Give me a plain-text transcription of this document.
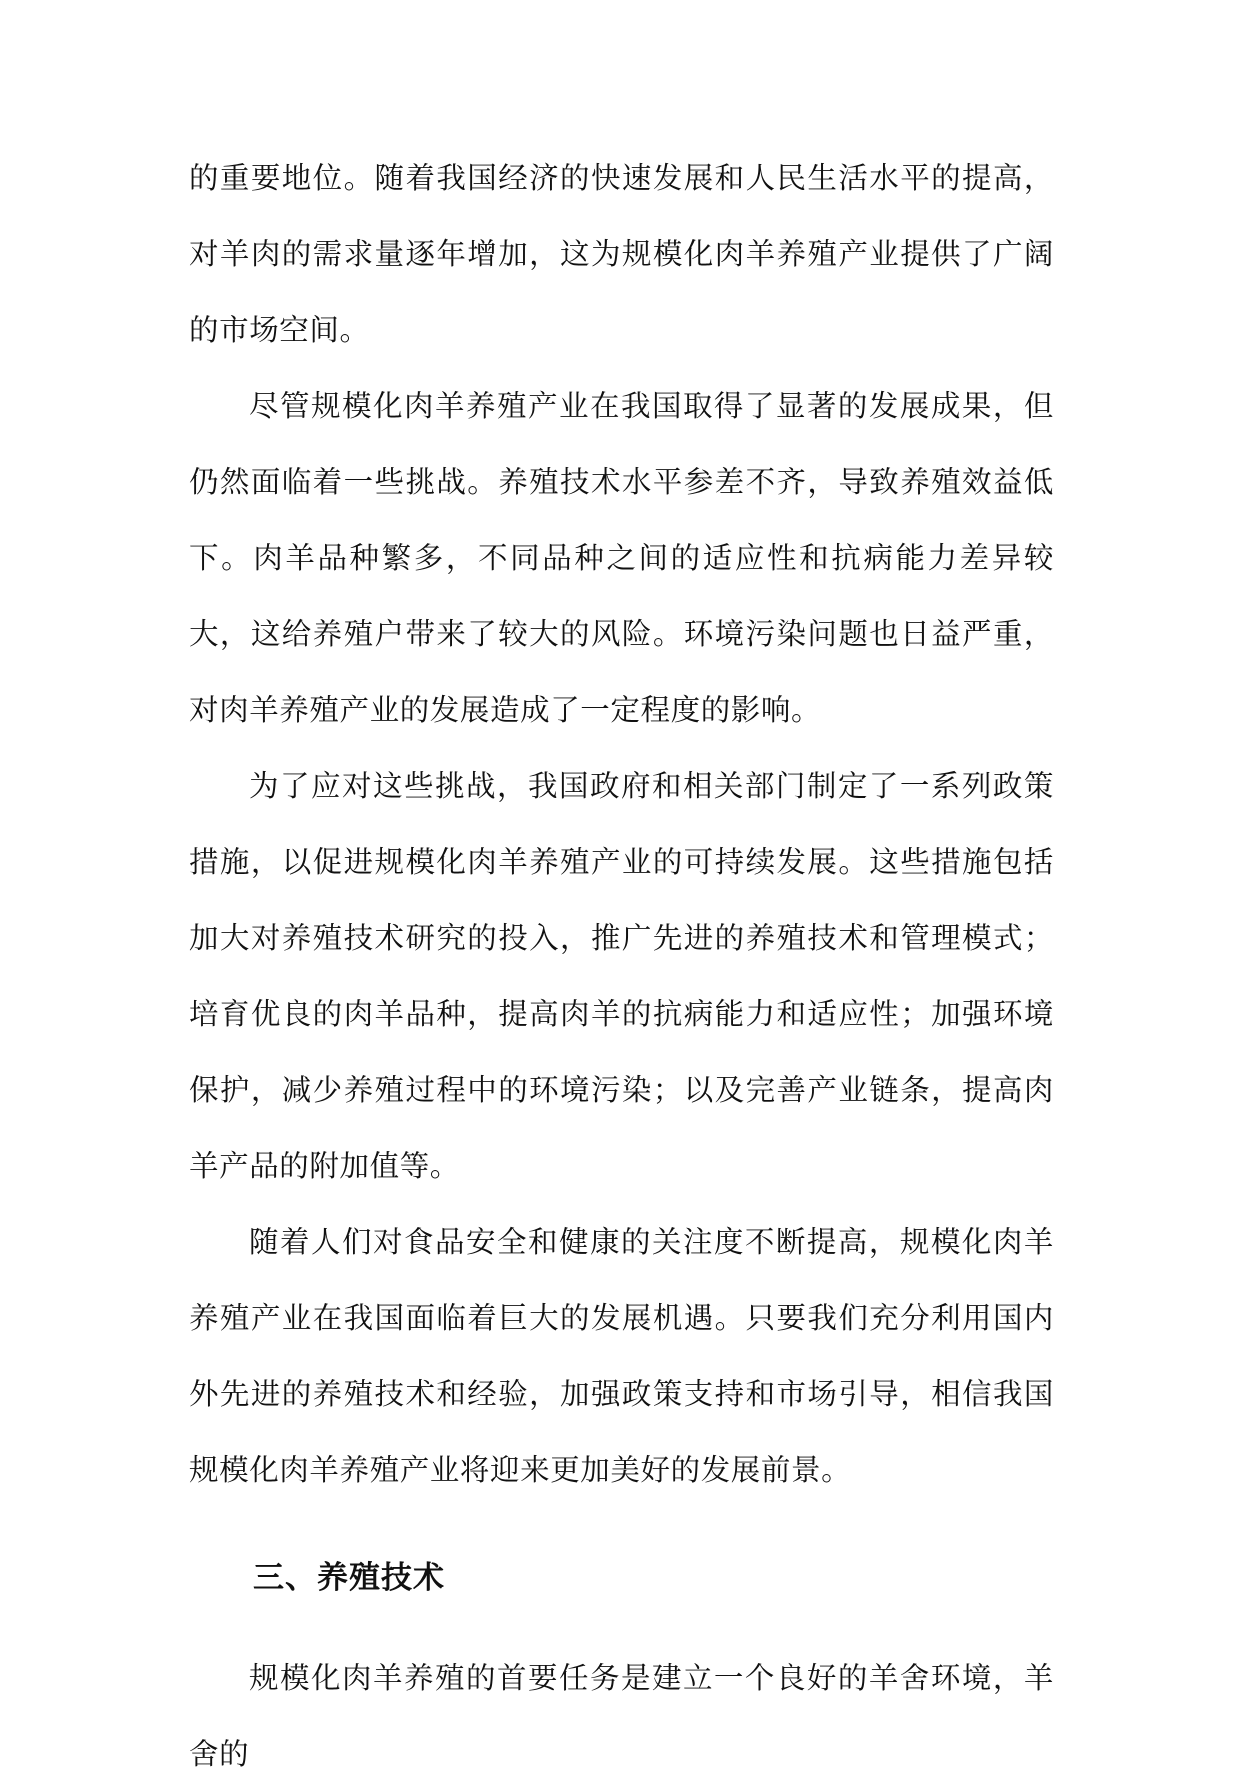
的重要地位。随着我国经济的快速发展和人民生活水平的提高，对羊肉的需求量逐年增加，这为规模化肉羊养殖产业提供了广阔的市场空间。

尽管规模化肉羊养殖产业在我国取得了显著的发展成果，但仍然面临着一些挑战。养殖技术水平参差不齐，导致养殖效益低下。肉羊品种繁多，不同品种之间的适应性和抗病能力差异较大，这给养殖户带来了较大的风险。环境污染问题也日益严重，对肉羊养殖产业的发展造成了一定程度的影响。

为了应对这些挑战，我国政府和相关部门制定了一系列政策措施，以促进规模化肉羊养殖产业的可持续发展。这些措施包括加大对养殖技术研究的投入，推广先进的养殖技术和管理模式；培育优良的肉羊品种，提高肉羊的抗病能力和适应性；加强环境保护，减少养殖过程中的环境污染；以及完善产业链条，提高肉羊产品的附加值等。

随着人们对食品安全和健康的关注度不断提高，规模化肉羊养殖产业在我国面临着巨大的发展机遇。只要我们充分利用国内外先进的养殖技术和经验，加强政策支持和市场引导，相信我国规模化肉羊养殖产业将迎来更加美好的发展前景。

三、养殖技术

规模化肉羊养殖的首要任务是建立一个良好的羊舍环境，羊舍的
